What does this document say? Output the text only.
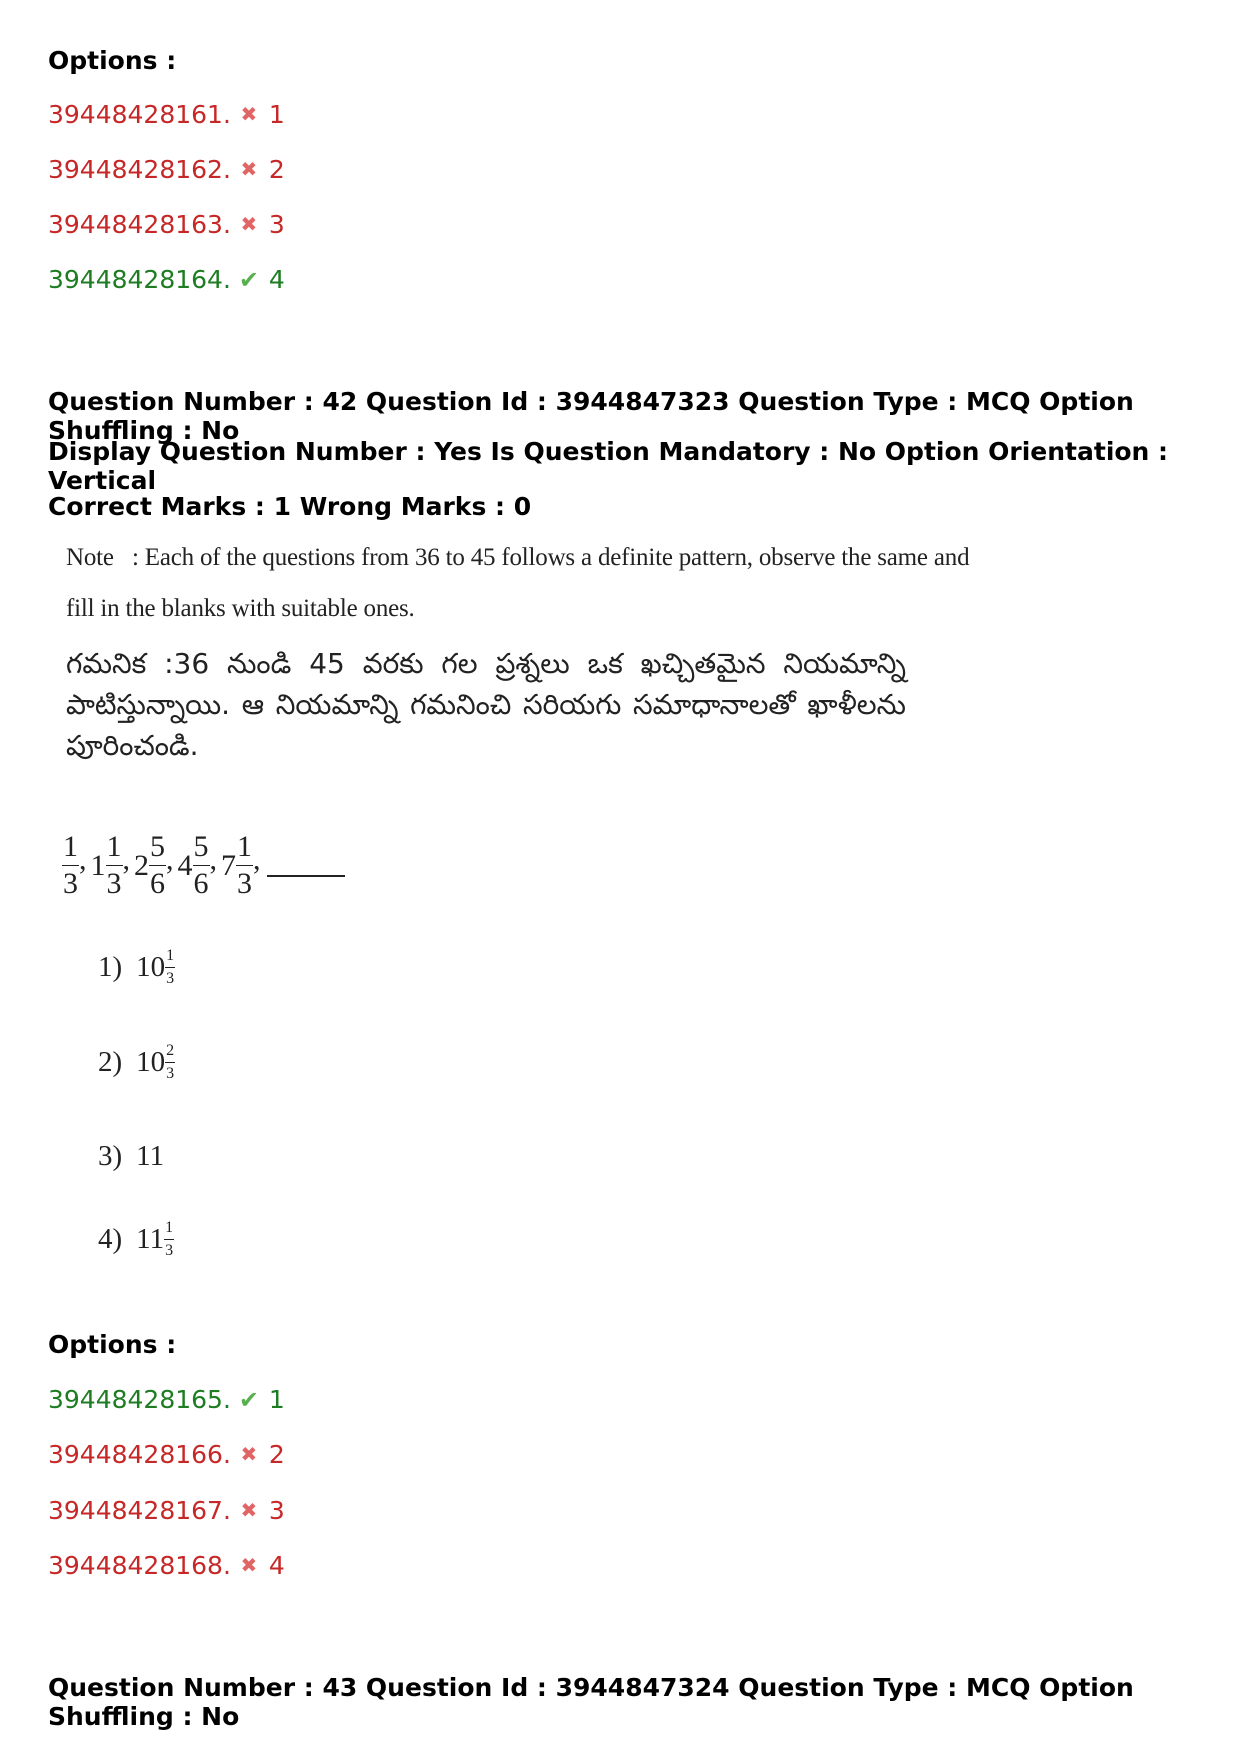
Options :
39448428161. ✖ 1
39448428162. ✖ 2
39448428163. ✖ 3
39448428164. ✔ 4
Question Number : 42 Question Id : 3944847323 Question Type : MCQ Option Shuffling : No
Display Question Number : Yes Is Question Mandatory : No Option Orientation : Vertical
Correct Marks : 1 Wrong Marks : 0
Note   : Each of the questions from 36 to 45 follows a definite pattern, observe the same and
fill in the blanks with suitable ones.
గమనిక :36 నుండి 45 వరకు గల ప్రశ్నలు ఒక ఖచ్చితమైన నియమాన్ని పాటిస్తున్నాయి. ఆ నియమాన్ని గమనించి సరియగు సమాధానాలతో ఖాళీలను పూరించండి.
$\frac{1}{3}$ , $1 \frac{1}{3}$ , $2 \frac{5}{6}$ , $4 \frac{5}{6}$ , $7 \frac{1}{3}$ ,
1) $10 \frac{1}{3}$
2) $10 \frac{2}{3}$
3) 11
4) $11 \frac{1}{3}$
Options :
39448428165. ✔ 1
39448428166. ✖ 2
39448428167. ✖ 3
39448428168. ✖ 4
Question Number : 43 Question Id : 3944847324 Question Type : MCQ Option Shuffling : No
